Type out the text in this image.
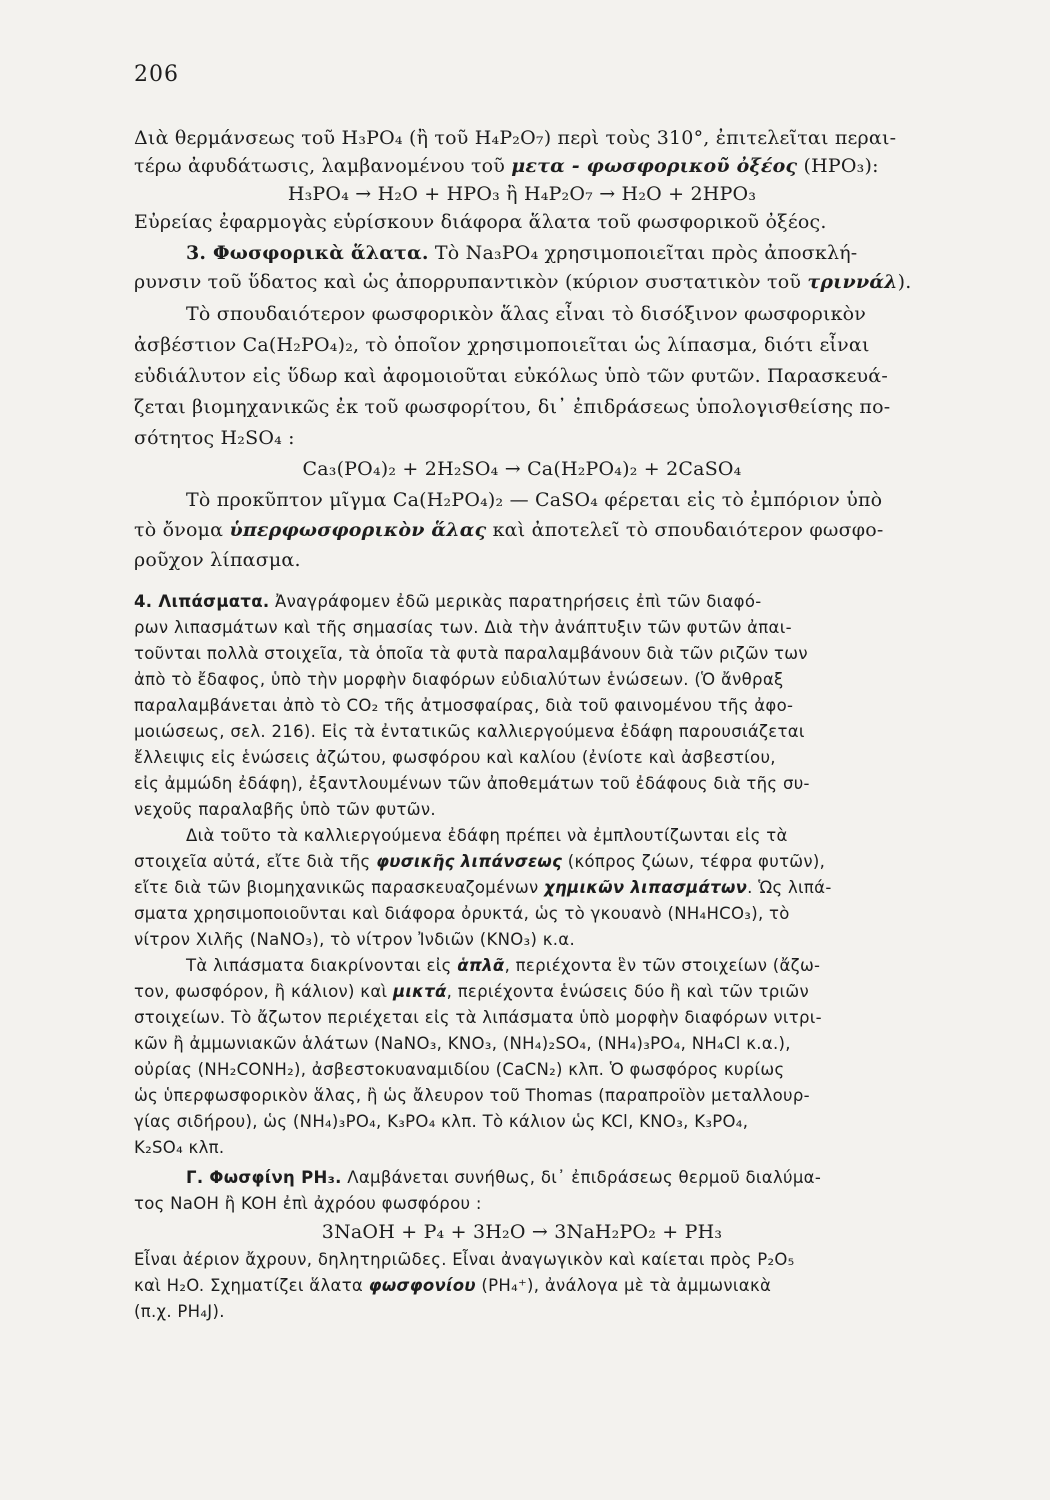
206
Διὰ θερμάνσεως τοῦ H₃PO₄ (ἢ τοῦ H₄P₂O₇) περὶ τοὺς 310°, ἐπιτελεῖται περαι-
τέρω ἀφυδάτωσις, λαμβανομένου τοῦ μετα - φωσφορικοῦ ὀξέος (HPO₃):
H₃PO₄ → H₂O + HPO₃ ἢ H₄P₂O₇ → H₂O + 2HPO₃
Εὐρείας ἐφαρμογὰς εὑρίσκουν διάφορα ἅλατα τοῦ φωσφορικοῦ ὀξέος.
3. Φωσφορικὰ ἅλατα. Τὸ Na₃PO₄ χρησιμοποιεῖται πρὸς ἀποσκλή-
ρυνσιν τοῦ ὕδατος καὶ ὡς ἀπορρυπαντικὸν (κύριον συστατικὸν τοῦ τριννάλ).
Τὸ σπουδαιότερον φωσφορικὸν ἅλας εἶναι τὸ δισόξινον φωσφορικὸν
ἀσβέστιον Ca(H₂PO₄)₂, τὸ ὁποῖον χρησιμοποιεῖται ὡς λίπασμα, διότι εἶναι
εὐδιάλυτον εἰς ὕδωρ καὶ ἀφομοιοῦται εὐκόλως ὑπὸ τῶν φυτῶν. Παρασκευά-
ζεται βιομηχανικῶς ἐκ τοῦ φωσφορίτου, δι᾽ ἐπιδράσεως ὑπολογισθείσης πο-
σότητος H₂SO₄ :
Ca₃(PO₄)₂ + 2H₂SO₄ → Ca(H₂PO₄)₂ + 2CaSO₄
Τὸ προκῦπτον μῖγμα Ca(H₂PO₄)₂ — CaSO₄ φέρεται εἰς τὸ ἐμπόριον ὑπὸ
τὸ ὄνομα ὑπερφωσφορικὸν ἅλας καὶ ἀποτελεῖ τὸ σπουδαιότερον φωσφο-
ροῦχον λίπασμα.
4. Λιπάσματα. Ἀναγράφομεν ἐδῶ μερικὰς παρατηρήσεις ἐπὶ τῶν διαφό-
ρων λιπασμάτων καὶ τῆς σημασίας των. Διὰ τὴν ἀνάπτυξιν τῶν φυτῶν ἀπαι-
τοῦνται πολλὰ στοιχεῖα, τὰ ὁποῖα τὰ φυτὰ παραλαμβάνουν διὰ τῶν ριζῶν των
ἀπὸ τὸ ἔδαφος, ὑπὸ τὴν μορφὴν διαφόρων εὐδιαλύτων ἑνώσεων. (Ὁ ἄνθραξ
παραλαμβάνεται ἀπὸ τὸ CO₂ τῆς ἀτμοσφαίρας, διὰ τοῦ φαινομένου τῆς ἀφο-
μοιώσεως, σελ. 216). Εἰς τὰ ἐντατικῶς καλλιεργούμενα ἐδάφη παρουσιάζεται
ἔλλειψις εἰς ἑνώσεις ἀζώτου, φωσφόρου καὶ καλίου (ἐνίοτε καὶ ἀσβεστίου,
εἰς ἀμμώδη ἐδάφη), ἐξαντλουμένων τῶν ἀποθεμάτων τοῦ ἐδάφους διὰ τῆς συ-
νεχοῦς παραλαβῆς ὑπὸ τῶν φυτῶν.
Διὰ τοῦτο τὰ καλλιεργούμενα ἐδάφη πρέπει νὰ ἐμπλουτίζωνται εἰς τὰ
στοιχεῖα αὐτά, εἴτε διὰ τῆς φυσικῆς λιπάνσεως (κόπρος ζώων, τέφρα φυτῶν),
εἴτε διὰ τῶν βιομηχανικῶς παρασκευαζομένων χημικῶν λιπασμάτων. Ὡς λιπά-
σματα χρησιμοποιοῦνται καὶ διάφορα ὀρυκτά, ὡς τὸ γκουανὸ (NH₄HCO₃), τὸ
νίτρον Χιλῆς (NaNO₃), τὸ νίτρον Ἰνδιῶν (KNO₃) κ.α.
Τὰ λιπάσματα διακρίνονται εἰς ἁπλᾶ, περιέχοντα ἓν τῶν στοιχείων (ἄζω-
τον, φωσφόρον, ἢ κάλιον) καὶ μικτά, περιέχοντα ἑνώσεις δύο ἢ καὶ τῶν τριῶν
στοιχείων. Τὸ ἄζωτον περιέχεται εἰς τὰ λιπάσματα ὑπὸ μορφὴν διαφόρων νιτρι-
κῶν ἢ ἀμμωνιακῶν ἁλάτων (NaNO₃, KNO₃, (NH₄)₂SO₄, (NH₄)₃PO₄, NH₄Cl κ.α.),
οὐρίας (NH₂CONH₂), ἀσβεστοκυαναμιδίου (CaCN₂) κλπ. Ὁ φωσφόρος κυρίως
ὡς ὑπερφωσφορικὸν ἅλας, ἢ ὡς ἄλευρον τοῦ Thomas (παραπροϊὸν μεταλλουρ-
γίας σιδήρου), ὡς (NH₄)₃PO₄, K₃PO₄ κλπ. Τὸ κάλιον ὡς KCl, KNO₃, K₃PO₄,
K₂SO₄ κλπ.
Γ. Φωσφίνη PH₃. Λαμβάνεται συνήθως, δι᾽ ἐπιδράσεως θερμοῦ διαλύμα-
τος NaOH ἢ KOH ἐπὶ ἀχρόου φωσφόρου :
3NaOH + P₄ + 3H₂O → 3NaH₂PO₂ + PH₃
Εἶναι ἀέριον ἄχρουν, δηλητηριῶδες. Εἶναι ἀναγωγικὸν καὶ καίεται πρὸς P₂O₅
καὶ H₂O. Σχηματίζει ἅλατα φωσφονίου (PH₄⁺), ἀνάλογα μὲ τὰ ἀμμωνιακὰ
(π.χ. PH₄J).
